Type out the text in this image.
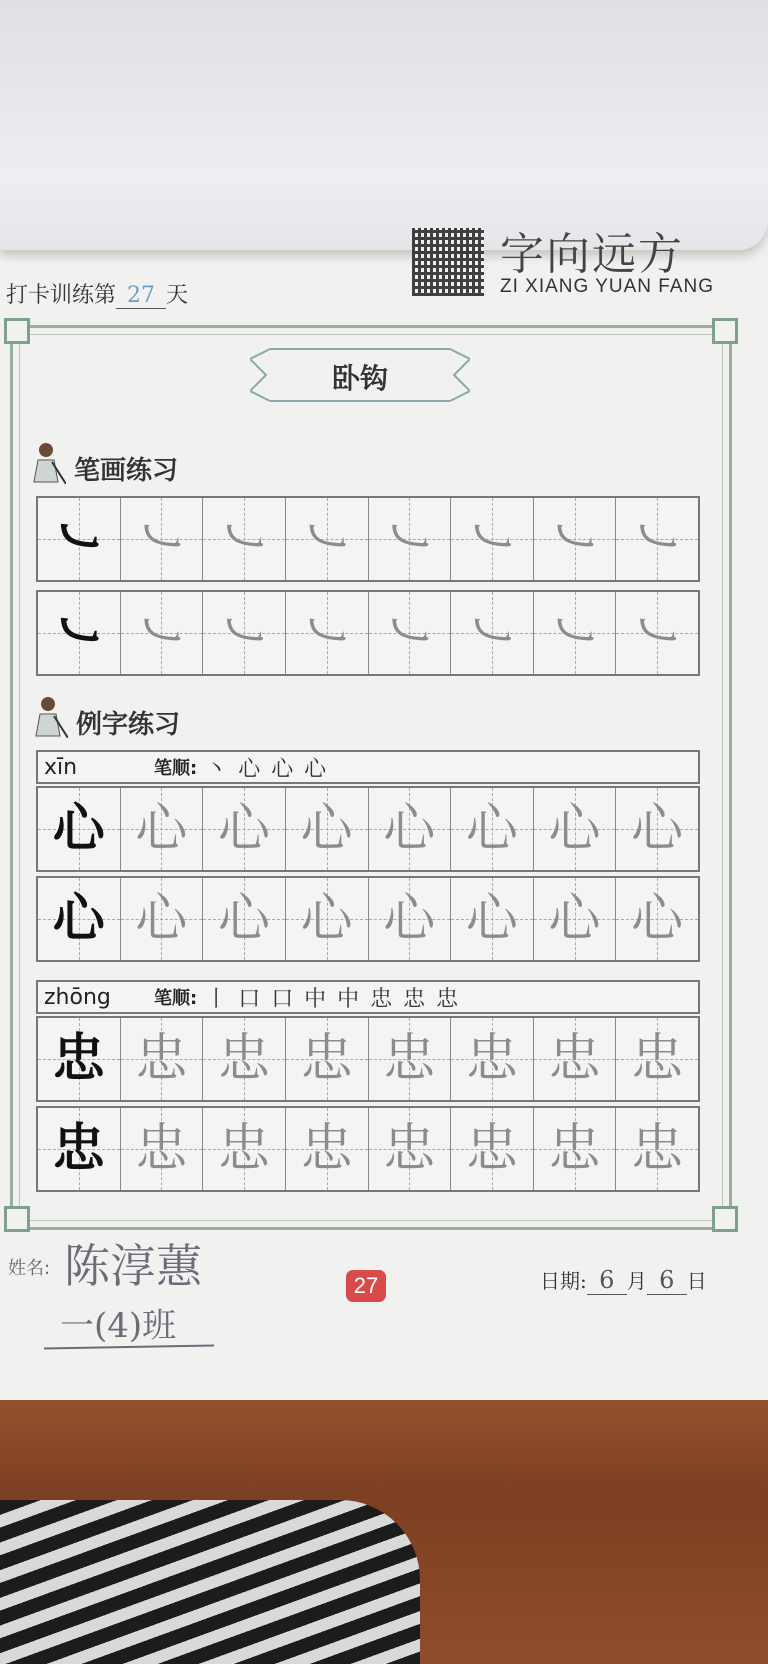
打卡训练第 27 天
字向远方
ZI XIANG YUAN FANG
卧钩
笔画练习
㇃ ㇃ ㇃ ㇃ ㇃ ㇃ ㇃ ㇃
㇃ ㇃ ㇃ ㇃ ㇃ ㇃ ㇃ ㇃
例字练习
xīn	笔顺: 丶 心 心 心
心 心 心 心 心 心 心 心
心 心 心 心 心 心 心 心
zhōng	笔顺: 丨 口 口 中 中 忠 忠 忠
忠 忠 忠 忠 忠 忠 忠 忠
忠 忠 忠 忠 忠 忠 忠 忠
姓名: 陈淳蕙
一(4)班
27	日期: 6 月 6 日
